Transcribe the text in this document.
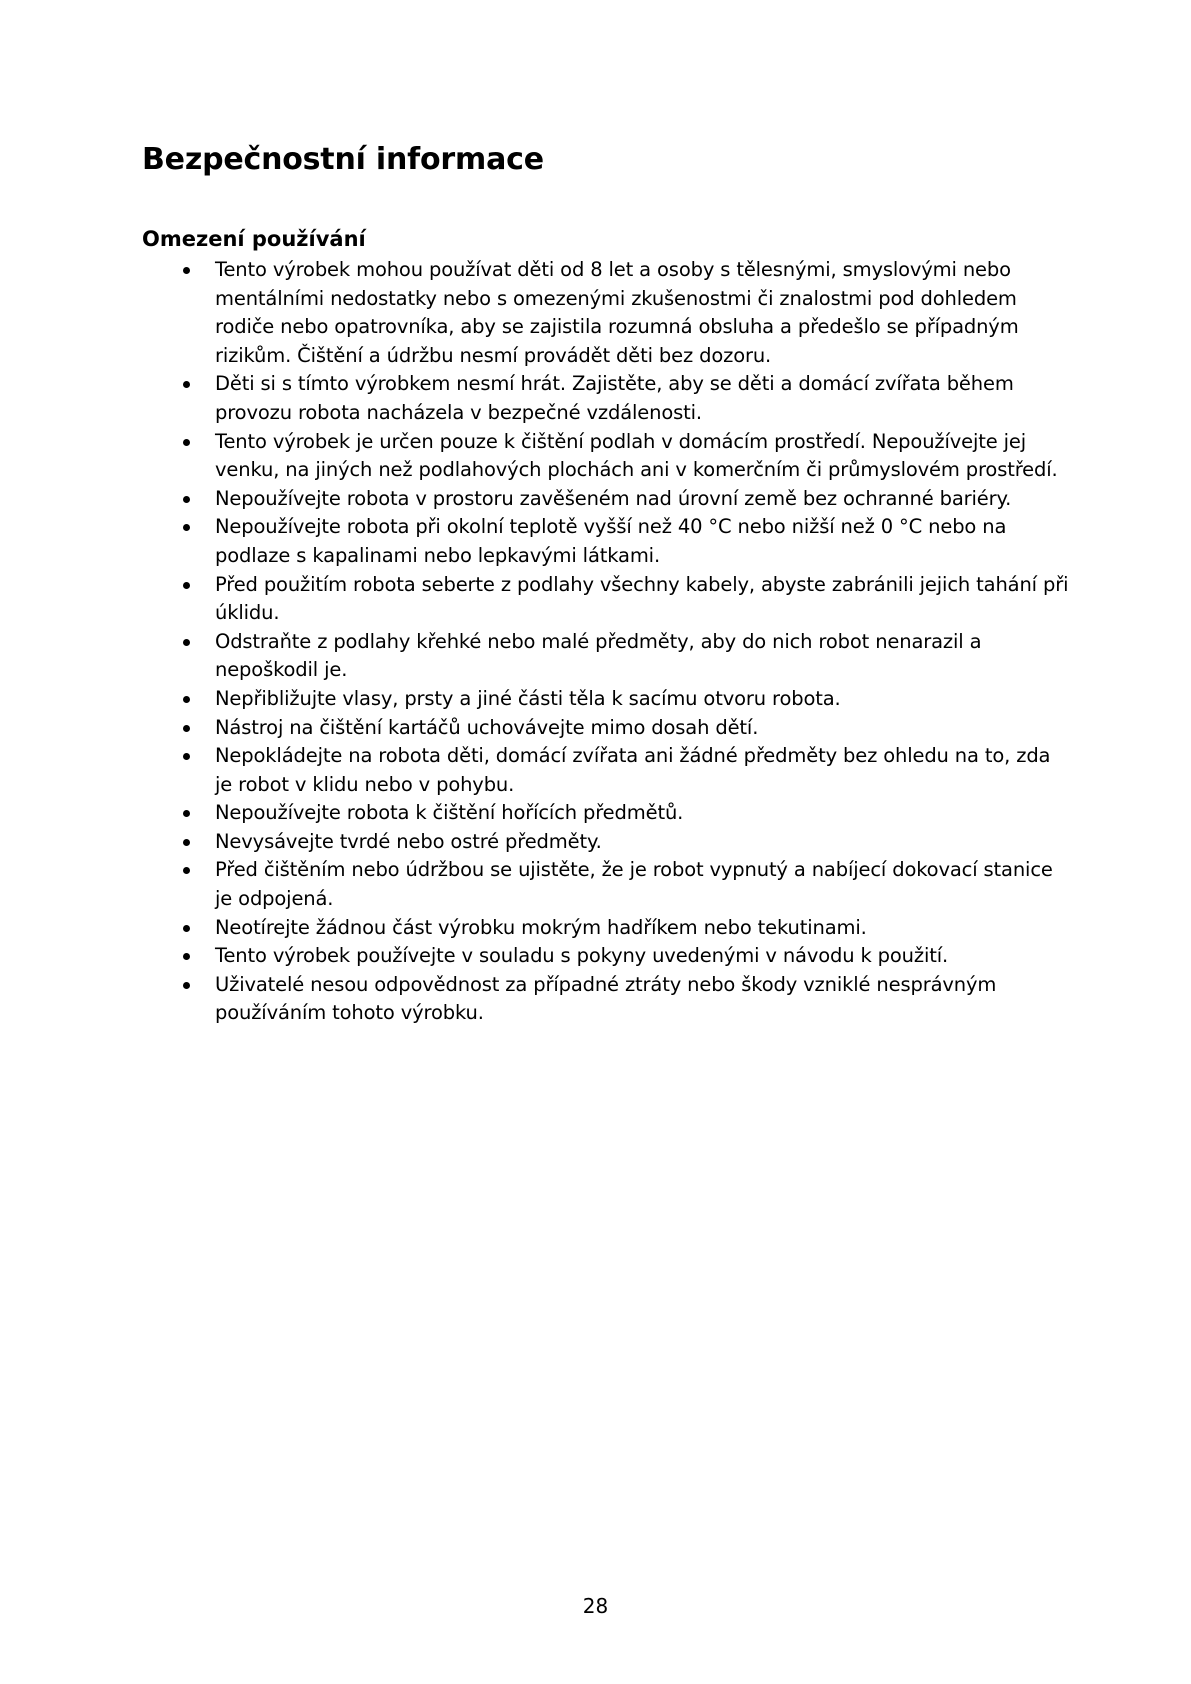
Bezpečnostní informace
Omezení používání
Tento výrobek mohou používat děti od 8 let a osoby s tělesnými, smyslovými nebo mentálními nedostatky nebo s omezenými zkušenostmi či znalostmi pod dohledem rodiče nebo opatrovníka, aby se zajistila rozumná obsluha a předešlo se případným rizikům. Čištění a údržbu nesmí provádět děti bez dozoru.
Děti si s tímto výrobkem nesmí hrát. Zajistěte, aby se děti a domácí zvířata během provozu robota nacházela v bezpečné vzdálenosti.
Tento výrobek je určen pouze k čištění podlah v domácím prostředí. Nepoužívejte jej venku, na jiných než podlahových plochách ani v komerčním či průmyslovém prostředí.
Nepoužívejte robota v prostoru zavěšeném nad úrovní země bez ochranné bariéry.
Nepoužívejte robota při okolní teplotě vyšší než 40 °C nebo nižší než 0 °C nebo na podlaze s kapalinami nebo lepkavými látkami.
Před použitím robota seberte z podlahy všechny kabely, abyste zabránili jejich tahání při úklidu.
Odstraňte z podlahy křehké nebo malé předměty, aby do nich robot nenarazil a nepoškodil je.
Nepřibližujte vlasy, prsty a jiné části těla k sacímu otvoru robota.
Nástroj na čištění kartáčů uchovávejte mimo dosah dětí.
Nepokládejte na robota děti, domácí zvířata ani žádné předměty bez ohledu na to, zda je robot v klidu nebo v pohybu.
Nepoužívejte robota k čištění hořících předmětů.
Nevysávejte tvrdé nebo ostré předměty.
Před čištěním nebo údržbou se ujistěte, že je robot vypnutý a nabíjecí dokovací stanice je odpojená.
Neotírejte žádnou část výrobku mokrým hadříkem nebo tekutinami.
Tento výrobek používejte v souladu s pokyny uvedenými v návodu k použití.
Uživatelé nesou odpovědnost za případné ztráty nebo škody vzniklé nesprávným používáním tohoto výrobku.
28
